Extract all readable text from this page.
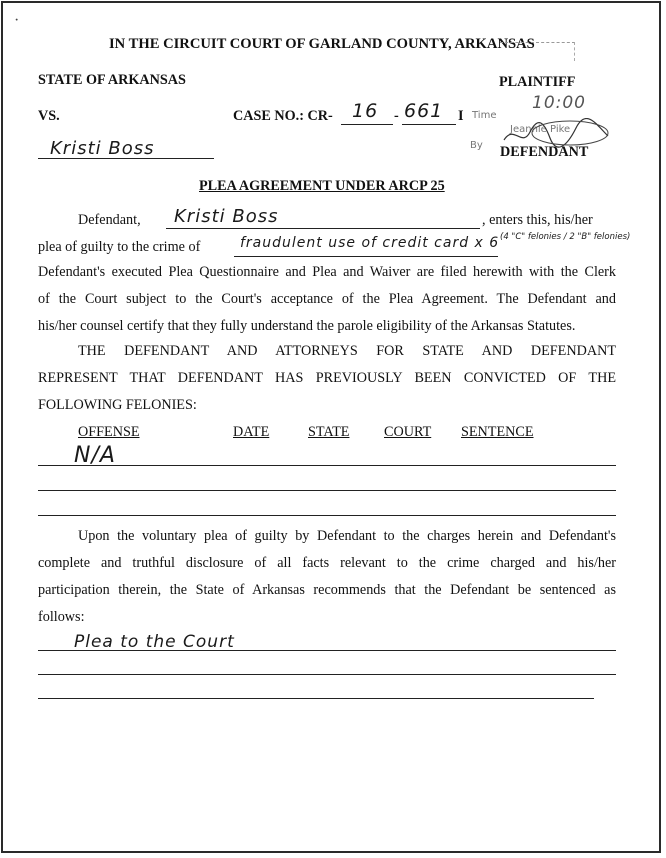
·
IN THE CIRCUIT COURT OF GARLAND COUNTY, ARKANSAS
STATE OF ARKANSAS	PLAINTIFF
Time
10:00
Jeannie Pike
By
VS.	CASE NO.: CR- 16 - 661 I
Kristi Boss	DEFENDANT
PLEA AGREEMENT UNDER ARCP 25
Defendant, Kristi Boss	, enters this, his/her
plea of guilty to the crime of	fraudulent use of credit card x 6 (4 "C" felonies / 2 "B" felonies)
Defendant's executed Plea Questionnaire and Plea and Waiver are filed herewith with the Clerk
of the Court subject to the Court's acceptance of the Plea Agreement. The Defendant and
his/her counsel certify that they fully understand the parole eligibility of the Arkansas Statutes.
THE DEFENDANT AND ATTORNEYS FOR STATE AND DEFENDANT
REPRESENT THAT DEFENDANT HAS PREVIOUSLY BEEN CONVICTED OF THE
FOLLOWING FELONIES:
OFFENSE	DATE	STATE COURT SENTENCE
N/A
Upon the voluntary plea of guilty by Defendant to the charges herein and Defendant's
complete and truthful disclosure of all facts relevant to the crime charged and his/her
participation therein, the State of Arkansas recommends that the Defendant be sentenced as
follows:
Plea to the Court
